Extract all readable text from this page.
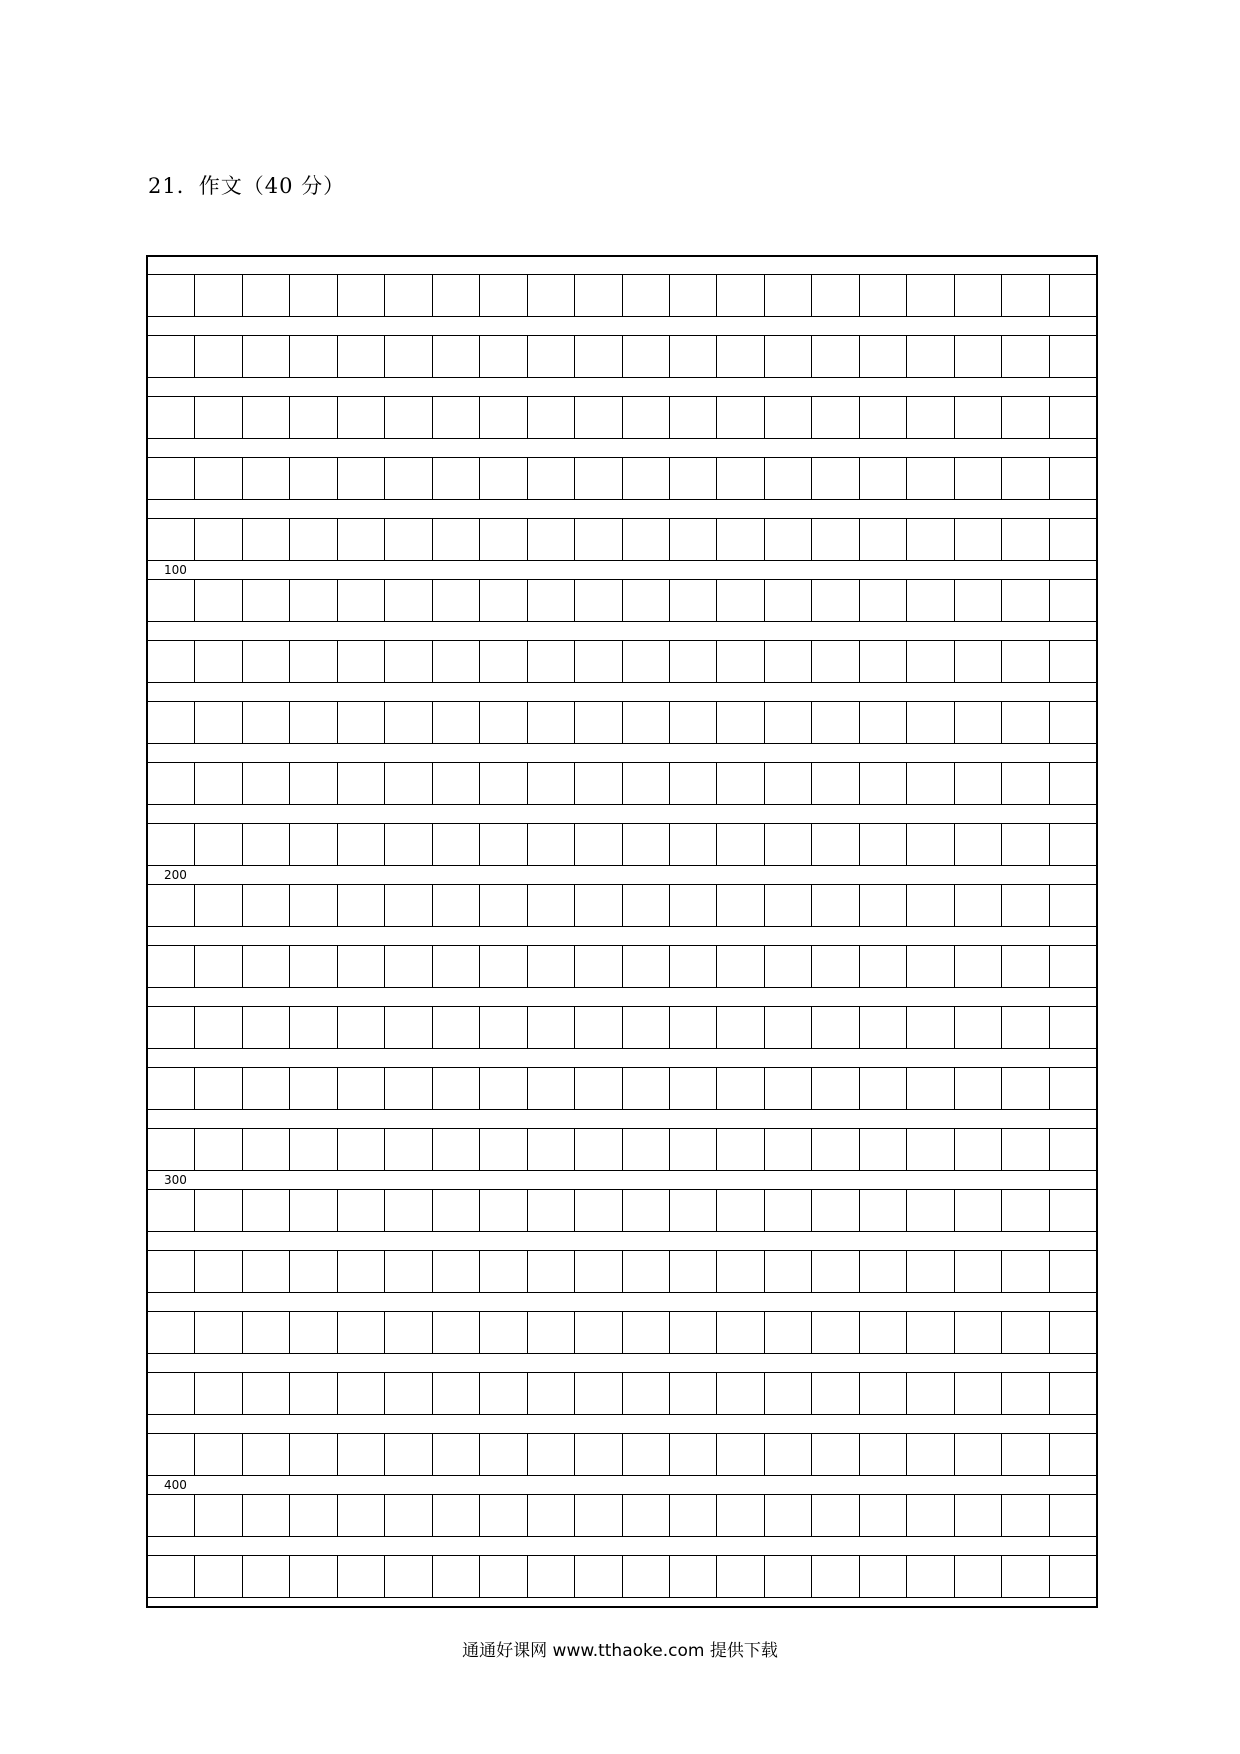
21．作文（40 分）
100
200
300
400
通通好课网 www.tthaoke.com 提供下载
